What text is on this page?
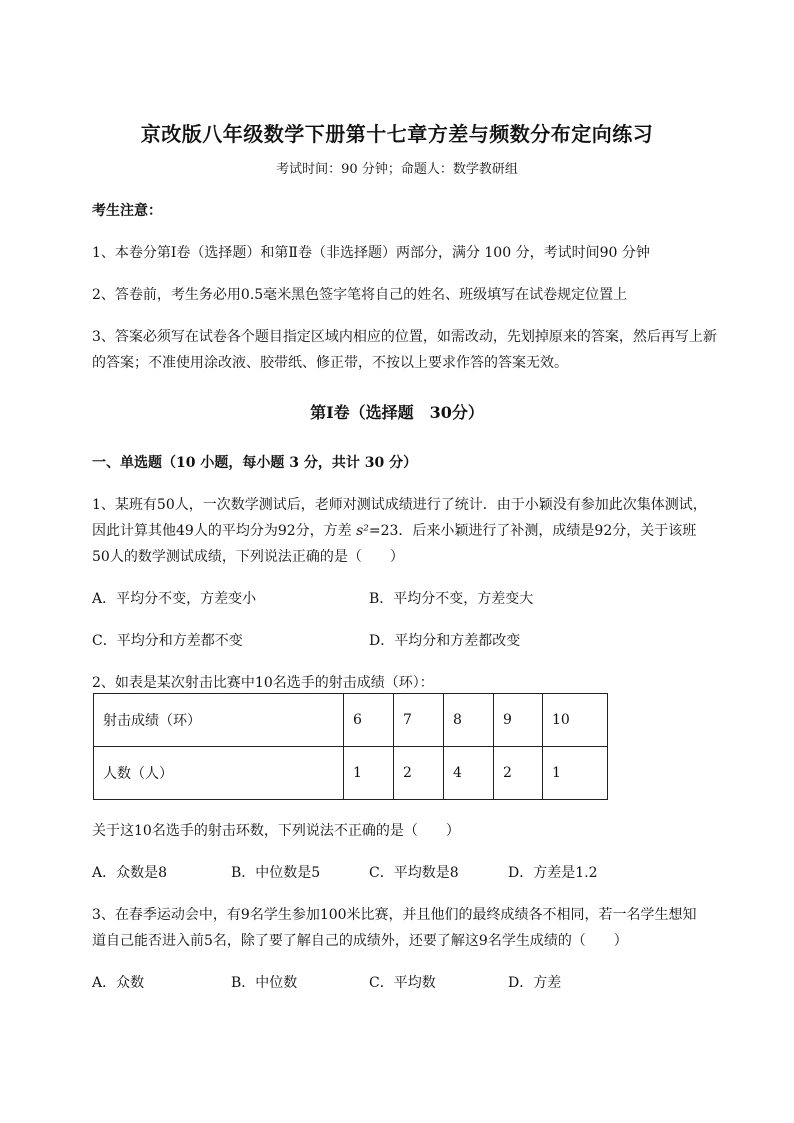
京改版八年级数学下册第十七章方差与频数分布定向练习
考试时间：90 分钟；命题人：数学教研组
考生注意：
1、本卷分第Ⅰ卷（选择题）和第Ⅱ卷（非选择题）两部分，满分 100 分，考试时间90 分钟
2、答卷前，考生务必用0.5毫米黑色签字笔将自己的姓名、班级填写在试卷规定位置上
3、答案必须写在试卷各个题目指定区域内相应的位置，如需改动，先划掉原来的答案，然后再写上新
的答案；不准使用涂改液、胶带纸、修正带，不按以上要求作答的答案无效。
第Ⅰ卷（选择题　30分）
一、单选题（10 小题，每小题 3 分，共计 30 分）
1、某班有50人，一次数学测试后，老师对测试成绩进行了统计．由于小颖没有参加此次集体测试，
因此计算其他49人的平均分为92分，方差 s²=23．后来小颖进行了补测，成绩是92分，关于该班
50人的数学测试成绩，下列说法正确的是（　　）
A．平均分不变，方差变小	B．平均分不变，方差变大
C．平均分和方差都不变	D．平均分和方差都改变
2、如表是某次射击比赛中10名选手的射击成绩（环）：
射击成绩（环）	6	7	8	9	10
人数（人）	1	2	4	2	1
关于这10名选手的射击环数，下列说法不正确的是（　　）
A．众数是8	B．中位数是5	C．平均数是8	D．方差是1.2
3、在春季运动会中，有9名学生参加100米比赛，并且他们的最终成绩各不相同，若一名学生想知
道自己能否进入前5名，除了要了解自己的成绩外，还要了解这9名学生成绩的（　　）
A．众数	B．中位数	C．平均数	D．方差
